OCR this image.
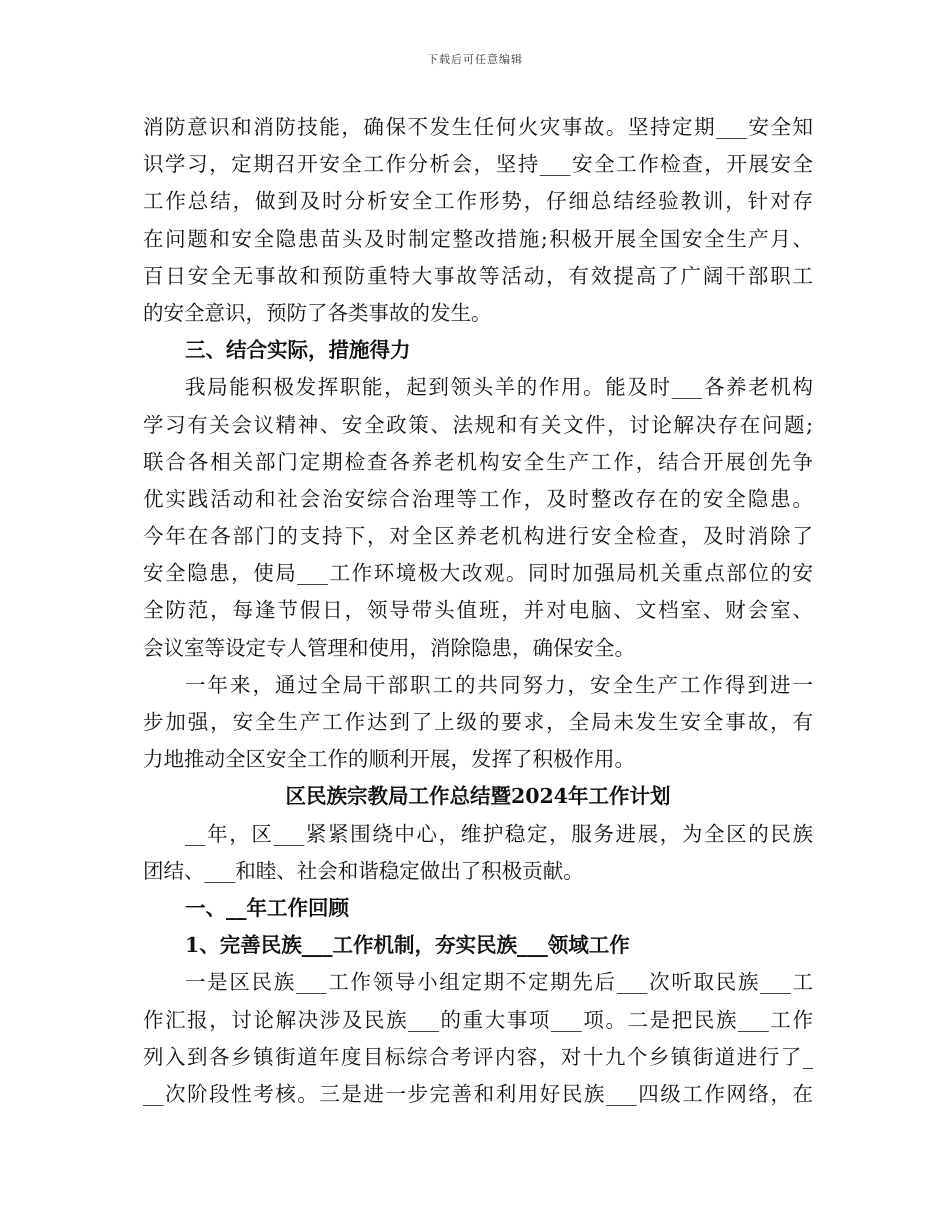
下载后可任意编辑
消防意识和消防技能，确保不发生任何火灾事故。坚持定期___安全知
识学习，定期召开安全工作分析会，坚持___安全工作检查，开展安全
工作总结，做到及时分析安全工作形势，仔细总结经验教训，针对存
在问题和安全隐患苗头及时制定整改措施;积极开展全国安全生产月、
百日安全无事故和预防重特大事故等活动，有效提高了广阔干部职工
的安全意识，预防了各类事故的发生。
三、结合实际，措施得力
我局能积极发挥职能，起到领头羊的作用。能及时___各养老机构
学习有关会议精神、安全政策、法规和有关文件，讨论解决存在问题;
联合各相关部门定期检查各养老机构安全生产工作，结合开展创先争
优实践活动和社会治安综合治理等工作，及时整改存在的安全隐患。
今年在各部门的支持下，对全区养老机构进行安全检查，及时消除了
安全隐患，使局___工作环境极大改观。同时加强局机关重点部位的安
全防范，每逢节假日，领导带头值班，并对电脑、文档室、财会室、
会议室等设定专人管理和使用，消除隐患，确保安全。
一年来，通过全局干部职工的共同努力，安全生产工作得到进一
步加强，安全生产工作达到了上级的要求，全局未发生安全事故，有
力地推动全区安全工作的顺利开展，发挥了积极作用。
区民族宗教局工作总结暨2024年工作计划
__年，区___紧紧围绕中心，维护稳定，服务进展，为全区的民族
团结、___和睦、社会和谐稳定做出了积极贡献。
一、__年工作回顾
1、完善民族___工作机制，夯实民族___领域工作
一是区民族___工作领导小组定期不定期先后___次听取民族___工
作汇报，讨论解决涉及民族___的重大事项___项。二是把民族___工作
列入到各乡镇街道年度目标综合考评内容，对十九个乡镇街道进行了_
__次阶段性考核。三是进一步完善和利用好民族___四级工作网络，在
